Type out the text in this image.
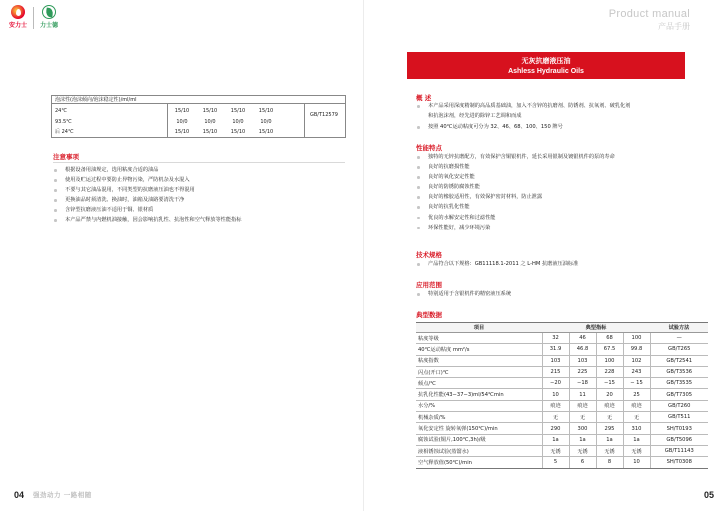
安力士 力士德
泡沫性(泡沫倾向/泡沫稳定性)/ml/ml
24℃	15/10	15/10	15/10	15/10
93.5℃	10/0	10/0	10/0	10/0
后 24℃	15/10	15/10	15/10	15/10
GB/T12579
注意事项
根据设备用油规定，选用粘度合适的油品
使用及贮运过程中要防止异物污染，严防机杂及水混入
不要与其它油品混用，不同类型的抗磨液压油也不得混用
更换油品时须清洗、换油时，油箱及油路要清洗干净
含锌型抗磨液压油不适用于铜、银材质
本产品严禁与内燃机油接触，因会影响抗乳性、抗泡性和空气释放等性能指标
04 强劲动力 一路相随
Product manual
产品手册
无灰抗磨液压油
Ashless Hydraulic Oils
概 述
本产品采用深度精制的高品质基础油，加入不含锌的抗磨剂、防锈剂、抗氧剂、破乳化剂
和抗泡沫剂，经先进的除锌工艺调和而成
按照 40℃运动粘度可分为 32、46、68、100、150 牌号
性能特点
独特的无锌抗磨配方，有效保护含铜银机件，延长采用银制及镀银机件的泵的寿命
良好的抗磨损性能
良好的氧化安定性能
良好的防锈防腐蚀性能
良好的橡胶适用性，有效保护密封材料，防止泄露
良好的抗乳化性能
优良的水解安定性和过滤性能
环保性能好，减少环境污染
技术规格
产品符合以下规格：GB11118.1-2011 之 L-HM 抗磨液压油标准
应用范围
特别适用于含银机件的精密液压系统
典型数据
项目	典型指标				试验方法
粘度等级	32	46	68	100	—
40℃运动粘度 mm²/s	31.9	46.8	67.5	99.8	GB/T265
粘度指数	103	103	100	102	GB/T2541
闪点(开口)℃	215	225	228	243	GB/T3536
倾点/℃	−20	−18	−15	− 15	GB/T3535
抗乳化性能(43−37−3)ml/54℃min	10	11	20	25	GB/T7305
水分/%	痕迹	痕迹	痕迹	痕迹	GB/T260
机械杂质/%	无	无	无	无	GB/T511
氧化安定性 旋转氧弹(150℃)/min	290	300	295	310	SH/T0193
腐蚀试验(铜片,100℃,3h)/级	1a	1a	1a	1a	GB/T5096
液相锈蚀试验(蒸馏水)	无锈	无锈	无锈	无锈	GB/T11143
空气释放值(50℃)/min	5	6	8	10	SH/T0308
05
